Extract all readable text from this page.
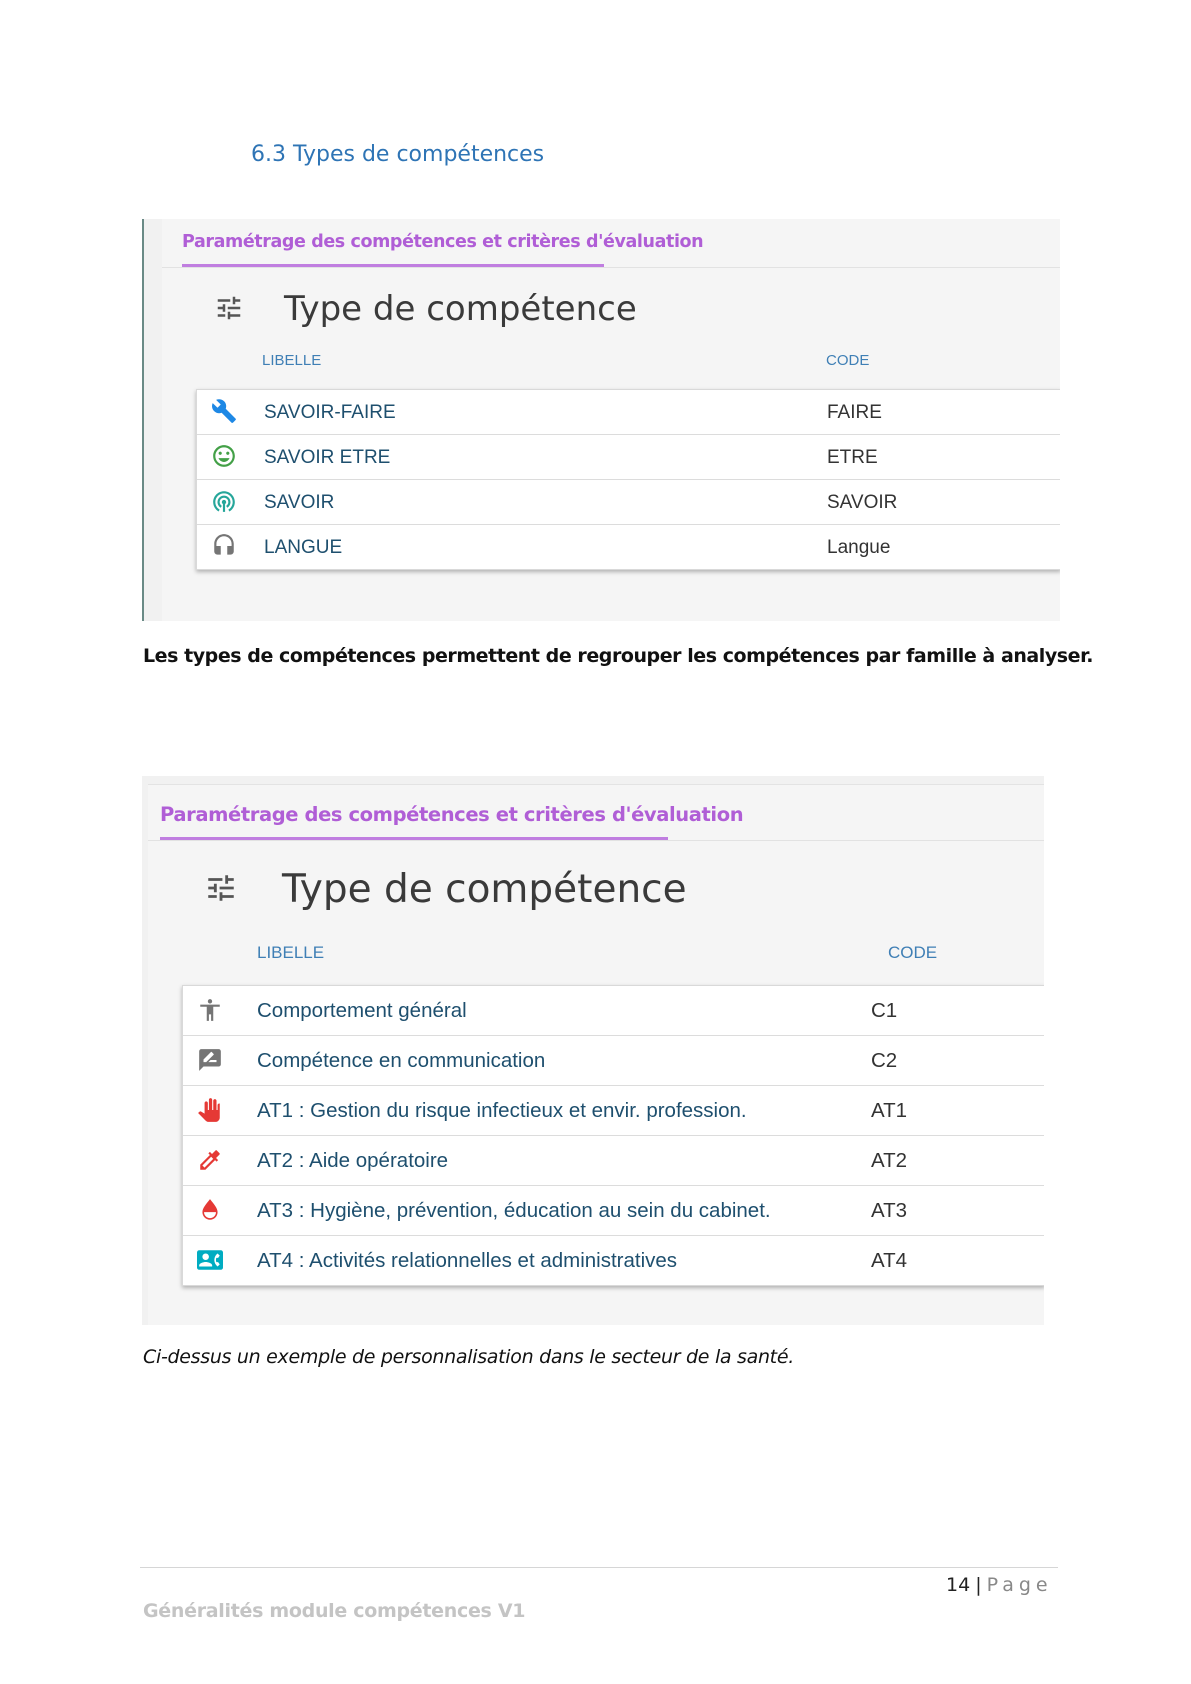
6.3 Types de compétences
Paramétrage des compétences et critères d'évaluation
Type de compétence
LIBELLE	CODE
SAVOIR-FAIRE	FAIRE
SAVOIR ETRE	ETRE
SAVOIR	SAVOIR
LANGUE	Langue
Les types de compétences permettent de regrouper les compétences par famille à analyser.
Paramétrage des compétences et critères d'évaluation
Type de compétence
LIBELLE	CODE
Comportement général	C1
Compétence en communication	C2
AT1 : Gestion du risque infectieux et envir. profession.	AT1
AT2 : Aide opératoire	AT2
AT3 : Hygiène, prévention, éducation au sein du cabinet.	AT3
AT4 : Activités relationnelles et administratives	AT4
Ci-dessus un exemple de personnalisation dans le secteur de la santé.
14 | Page
Généralités module compétences V1
